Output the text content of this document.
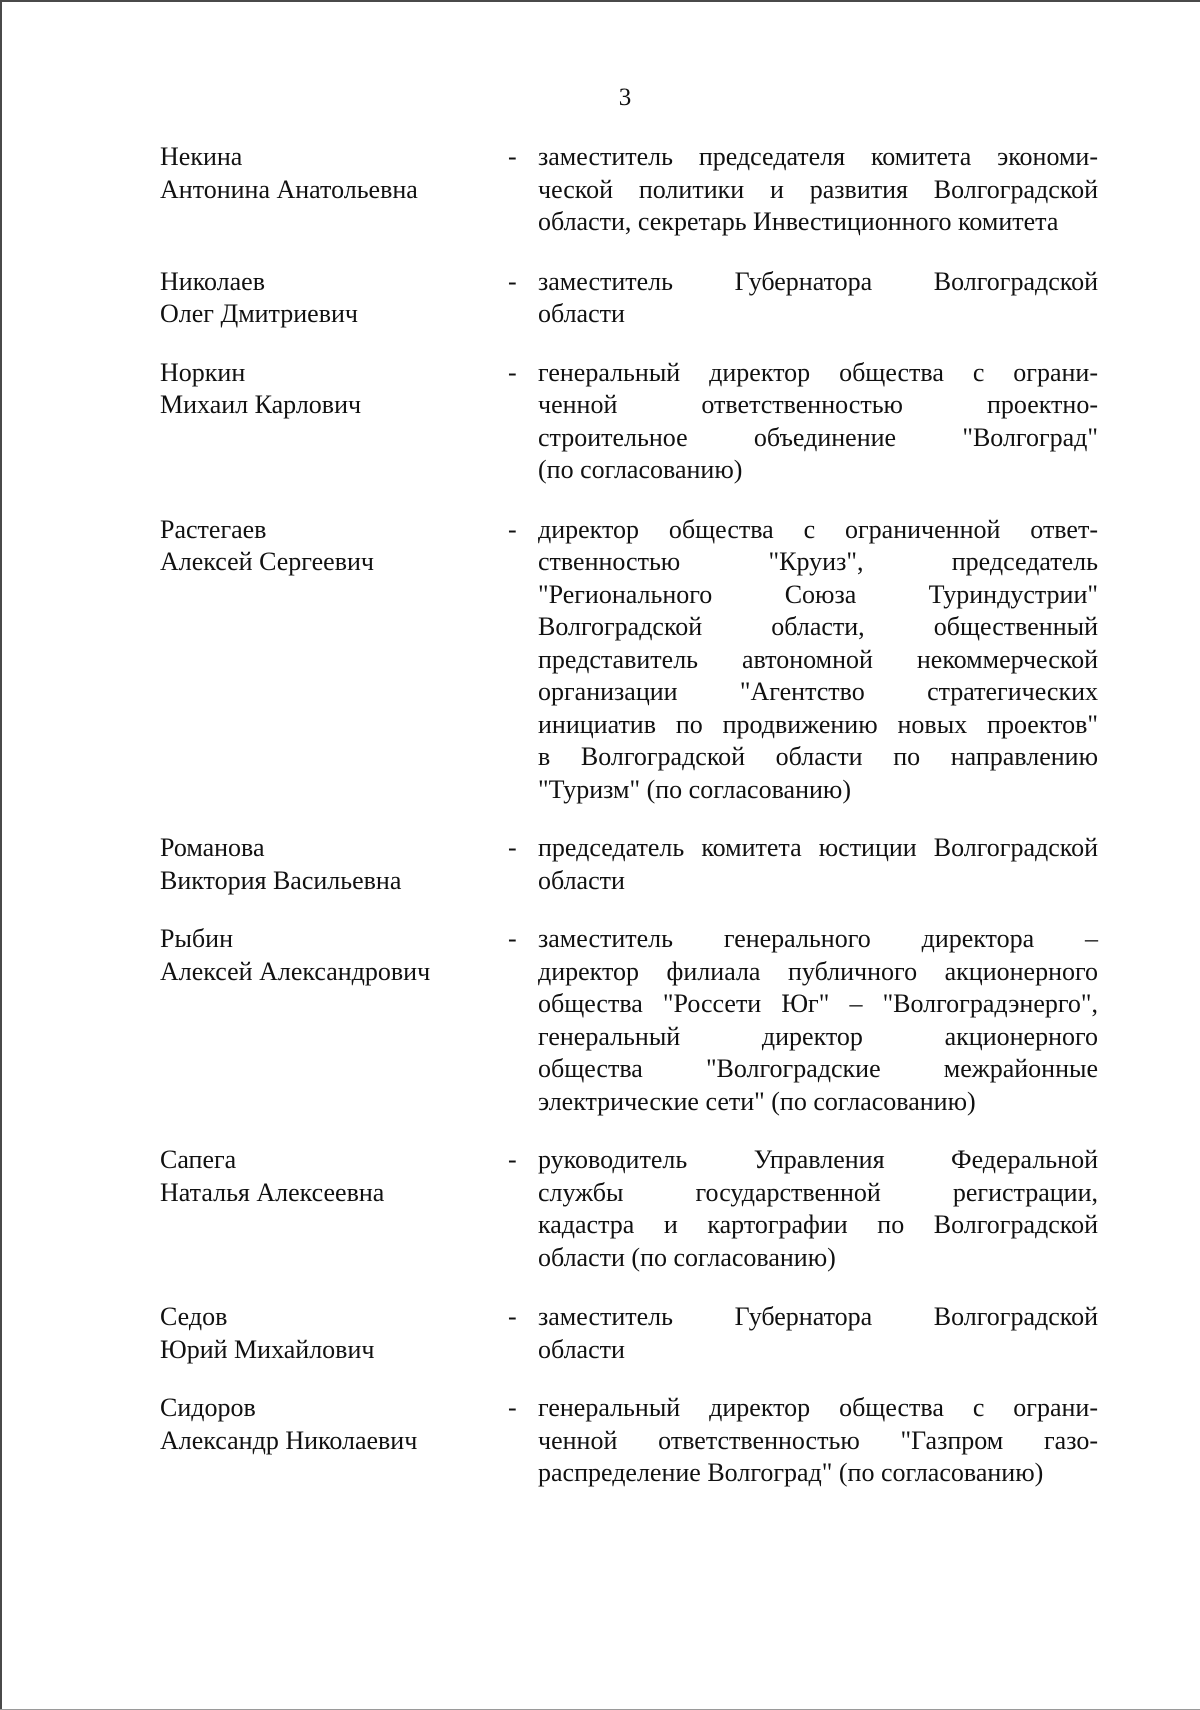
3
Некина
Антонина Анатольевна
- заместитель председателя комитета экономи-
ческой политики и развития Волгоградской
области, секретарь Инвестиционного комитета
Николаев
Олег Дмитриевич
- заместитель Губернатора Волгоградской
области
Норкин
Михаил Карлович
- генеральный директор общества с ограни-
ченной ответственностью проектно-
строительное объединение "Волгоград"
(по согласованию)
Растегаев
Алексей Сергеевич
- директор общества с ограниченной ответ-
ственностью "Круиз", председатель
"Регионального Союза Туриндустрии"
Волгоградской области, общественный
представитель автономной некоммерческой
организации "Агентство стратегических
инициатив по продвижению новых проектов"
в Волгоградской области по направлению
"Туризм" (по согласованию)
Романова
Виктория Васильевна
- председатель комитета юстиции Волгоградской
области
Рыбин
Алексей Александрович
- заместитель генерального директора –
директор филиала публичного акционерного
общества "Россети Юг" – "Волгоградэнерго",
генеральный директор акционерного
общества "Волгоградские межрайонные
электрические сети" (по согласованию)
Сапега
Наталья Алексеевна
- руководитель Управления Федеральной
службы государственной регистрации,
кадастра и картографии по Волгоградской
области (по согласованию)
Седов
Юрий Михайлович
- заместитель Губернатора Волгоградской
области
Сидоров
Александр Николаевич
- генеральный директор общества с ограни-
ченной ответственностью "Газпром газо-
распределение Волгоград" (по согласованию)
